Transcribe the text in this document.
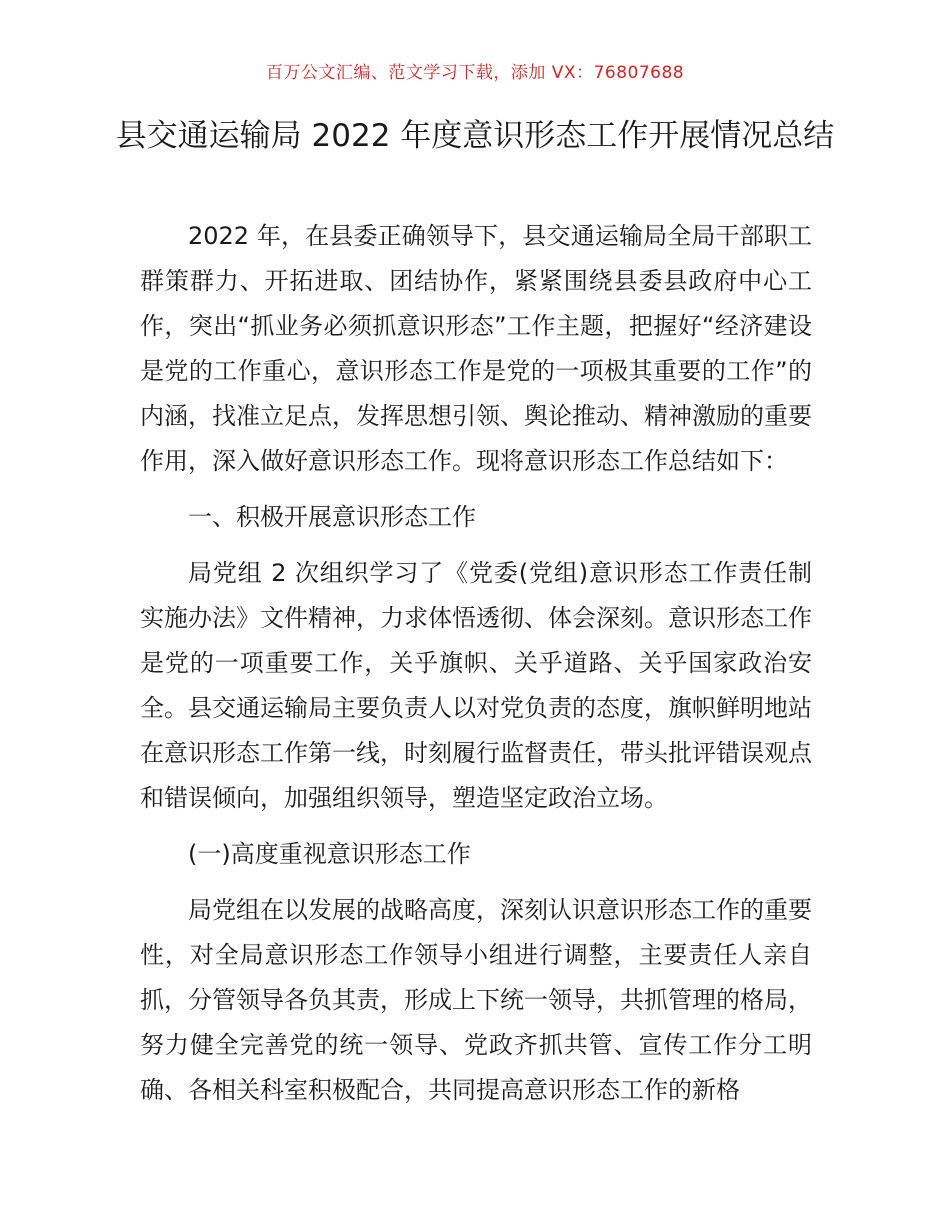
百万公文汇编、范文学习下载，添加 VX：76807688
县交通运输局 2022 年度意识形态工作开展情况总结

2022 年，在县委正确领导下，县交通运输局全局干部职工群策群力、开拓进取、团结协作，紧紧围绕县委县政府中心工作，突出“抓业务必须抓意识形态”工作主题，把握好“经济建设是党的工作重心，意识形态工作是党的一项极其重要的工作”的内涵，找准立足点，发挥思想引领、舆论推动、精神激励的重要作用，深入做好意识形态工作。现将意识形态工作总结如下：

一、积极开展意识形态工作

局党组 2 次组织学习了《党委(党组)意识形态工作责任制实施办法》文件精神，力求体悟透彻、体会深刻。意识形态工作是党的一项重要工作，关乎旗帜、关乎道路、关乎国家政治安全。县交通运输局主要负责人以对党负责的态度，旗帜鲜明地站在意识形态工作第一线，时刻履行监督责任，带头批评错误观点和错误倾向，加强组织领导，塑造坚定政治立场。

(一)高度重视意识形态工作

局党组在以发展的战略高度，深刻认识意识形态工作的重要性，对全局意识形态工作领导小组进行调整，主要责任人亲自抓，分管领导各负其责，形成上下统一领导，共抓管理的格局，努力健全完善党的统一领导、党政齐抓共管、宣传工作分工明确、各相关科室积极配合，共同提高意识形态工作的新格
